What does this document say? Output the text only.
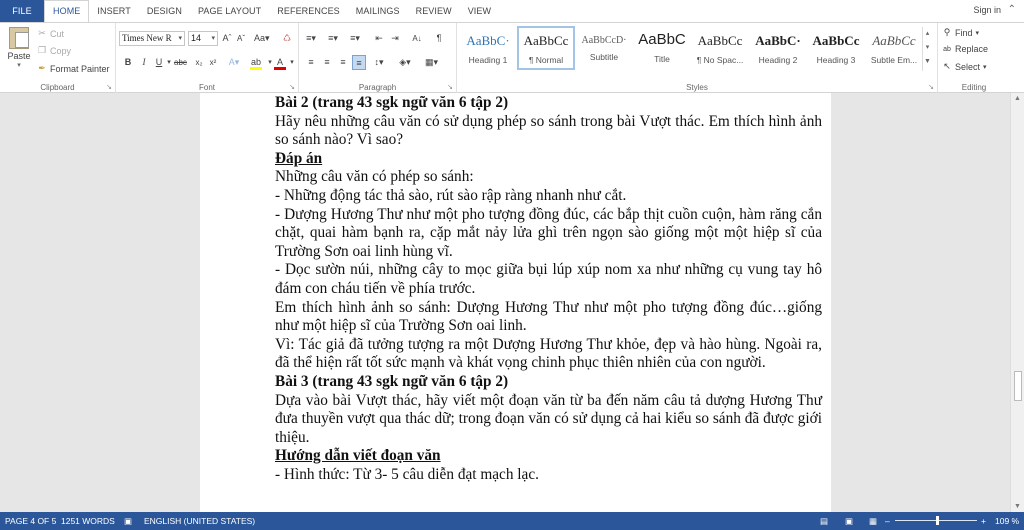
FILE	HOME	INSERT	DESIGN	PAGE LAYOUT	REFERENCES	MAILINGS	REVIEW	VIEW	Sign in ⌃
Paste
▾
✂ Cut
❐ Copy
✒ Format Painter
Clipboard	↘
Times New R ▾	14 ▾ Aˆ Aˇ Aa▾ ♺
B	I	U ▾ abc	x₂ x² A▾ ab	▾ A	▾
Font	↘
≡▾ ≡▾ ≡▾ ⇤ ⇥ A↓	¶
≡	≡	≡	≡	↕▾ ◈▾ ▦▾
Paragraph	↘	Styles	↘
AaBbC·
Heading 1
AaBbCc
¶ Normal
AaBbCcD·
Subtitle
AaBbC
Title
AaBbCc
¶ No Spac...
AaBbC·
Heading 2
AaBbCc
Heading 3
AaBbCc
Subtle Em...
▴
▾
▼
⚲ Find ▾
ab Replace
↖ Select ▾
Editing
Bài 2 (trang 43 sgk ngữ văn 6 tập 2)
Hãy nêu những câu văn có sử dụng phép so sánh trong bài Vượt thác. Em thích hình ảnh so sánh nào? Vì sao?
Đáp án
Những câu văn có phép so sánh:
- Những động tác thả sào, rút sào rập ràng nhanh như cắt.
- Dượng Hương Thư như một pho tượng đồng đúc, các bắp thịt cuồn cuộn, hàm răng cắn chặt, quai hàm bạnh ra, cặp mắt nảy lửa ghì trên ngọn sào giống một một hiệp sĩ của Trường Sơn oai linh hùng vĩ.
- Dọc sườn núi, những cây to mọc giữa bụi lúp xúp nom xa như những cụ vung tay hô đám con cháu tiến về phía trước.
Em thích hình ảnh so sánh: Dượng Hương Thư như một pho tượng đồng đúc…giống như một hiệp sĩ của Trường Sơn oai linh.
Vì: Tác giả đã tưởng tượng ra một Dượng Hương Thư khỏe, đẹp và hào hùng. Ngoài ra, đã thể hiện rất tốt sức mạnh và khát vọng chinh phục thiên nhiên của con người.
Bài 3 (trang 43 sgk ngữ văn 6 tập 2)
Dựa vào bài Vượt thác, hãy viết một đoạn văn từ ba đến năm câu tả dượng Hương Thư đưa thuyền vượt qua thác dữ; trong đoạn văn có sử dụng cả hai kiểu so sánh đã được giới thiệu.
Hướng dẫn viết đoạn văn
- Hình thức: Từ 3- 5 câu diễn đạt mạch lạc.
▲
▼
PAGE 4 OF 5 1251 WORDS ▣ ENGLISH (UNITED STATES)	▤ ▣ ▦ –	+ 109 %
